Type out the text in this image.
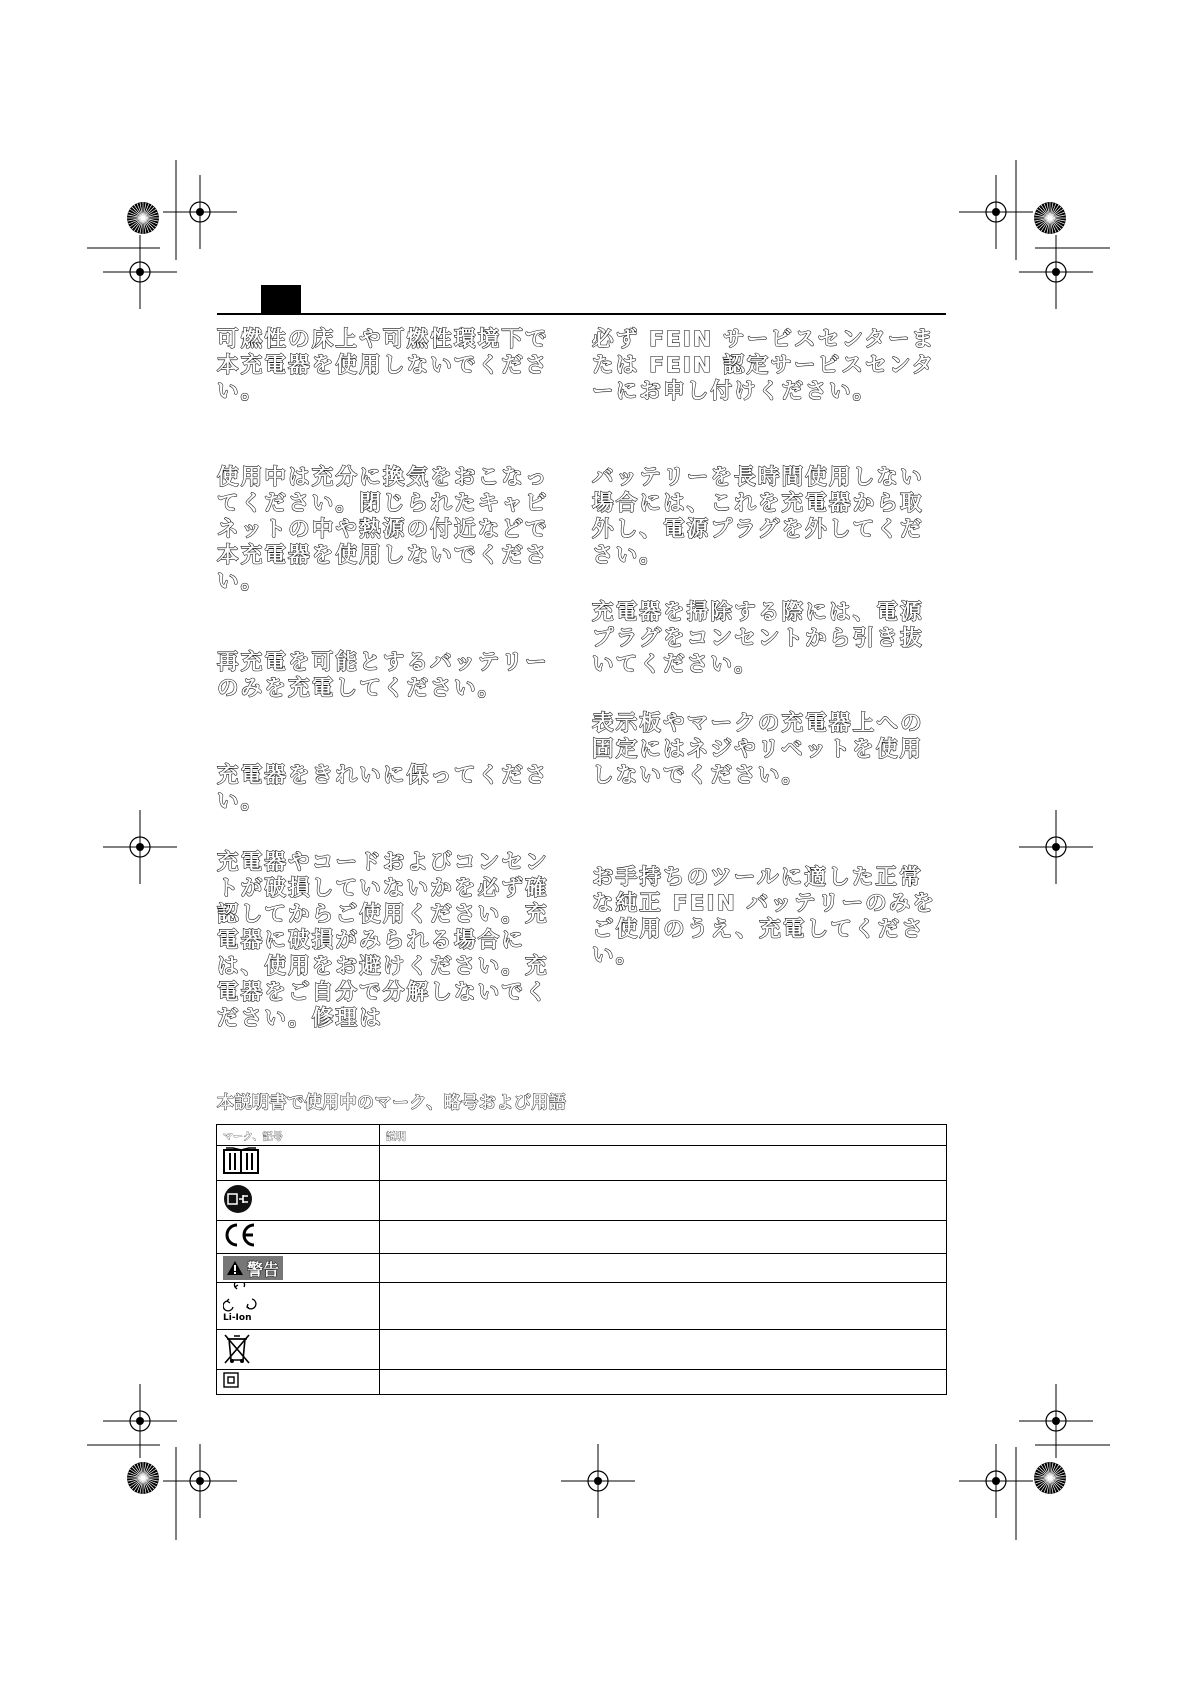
可燃性の床上や可燃性環境下で本充電器を使用しないでください。

使用中は充分に換気をおこなってください。閉じられたキャビネットの中や熱源の付近などで本充電器を使用しないでください。

再充電を可能とするバッテリーのみを充電してください。

充電器をきれいに保ってください。

充電器やコードおよびコンセントが破損していないかを必ず確認してからご使用ください。充電器に破損がみられる場合には、使用をお避けください。充電器をご自分で分解しないでください。修理は

必ず FEIN サービスセンターまたは FEIN 認定サービスセンターにお申し付けください。

バッテリーを長時間使用しない場合には、これを充電器から取外し、電源プラグを外してください。

充電器を掃除する際には、電源プラグをコンセントから引き抜いてください。

表示板やマークの充電器上への固定にはネジやリベットを使用しないでください。

お手持ちのツールに適した正常な純正 FEIN バッテリーのみをご使用のうえ、充電してください。

本説明書で使用中のマーク、略号および用語

マーク、記号	説明

警告	

Li-Ion	
